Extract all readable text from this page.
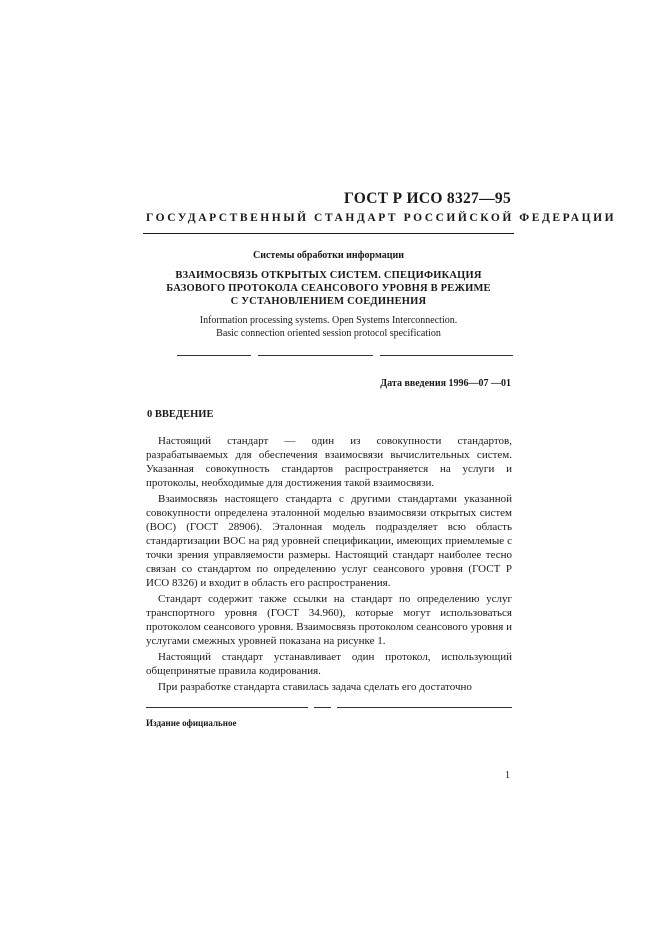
ГОСТ Р ИСО 8327—95
ГОСУДАРСТВЕННЫЙ СТАНДАРТ РОССИЙСКОЙ ФЕДЕРАЦИИ
Системы обработки информации
ВЗАИМОСВЯЗЬ ОТКРЫТЫХ СИСТЕМ. СПЕЦИФИКАЦИЯ
БАЗОВОГО ПРОТОКОЛА СЕАНСОВОГО УРОВНЯ В РЕЖИМЕ
С УСТАНОВЛЕНИЕМ СОЕДИНЕНИЯ
Information processing systems. Open Systems Interconnection.
Basic connection oriented session protocol specification
Дата введения 1996—07 —01
0 ВВЕДЕНИЕ

Настоящий стандарт — один из совокупности стандартов, разрабатываемых для обеспечения взаимосвязи вычислительных систем. Указанная совокупность стандартов распространяется на услуги и протоколы, необходимые для достижения такой взаимосвязи.

Взаимосвязь настоящего стандарта с другими стандартами указанной совокупности определена эталонной моделью взаимосвязи открытых систем (ВОС) (ГОСТ 28906). Эталонная модель подразделяет всю область стандартизации ВОС на ряд уровней спецификации, имеющих приемлемые с точки зрения управляемости размеры. Настоящий стандарт наиболее тесно связан со стандартом по определению услуг сеансового уровня (ГОСТ Р ИСО 8326) и входит в область его распространения.

Стандарт содержит также ссылки на стандарт по определению услуг транспортного уровня (ГОСТ 34.960), которые могут использоваться протоколом сеансового уровня. Взаимосвязь протоколом сеансового уровня и услугами смежных уровней показана на рисунке 1.

Настоящий стандарт устанавливает один протокол, использующий общепринятые правила кодирования.

При разработке стандарта ставилась задача сделать его достаточно

Издание официальное
1
